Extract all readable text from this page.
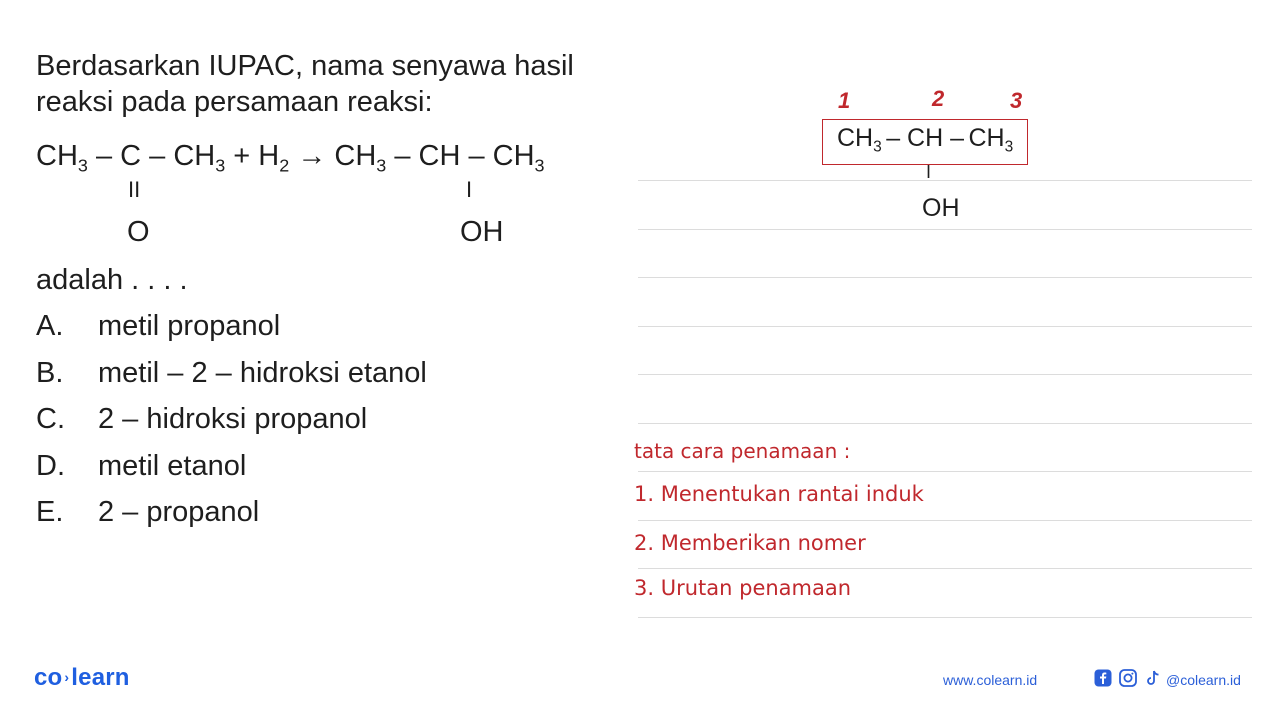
Berdasarkan IUPAC, nama senyawa hasil
reaksi pada persamaan reaksi:
$CH_3 - C - CH_3 + H_2 \to CH_3$ – CH – $CH_3$
II
O
I
OH
adalah . . . .
A. metil propanol
B. metil – 2 – hidroksi etanol
C. 2 – hidroksi propanol
D. metil etanol
E. 2 – propanol
1	2	3
$CH_3$ – CH – $CH_3$
I
OH
tata cara penamaan :
1. Menentukan rantai induk
2. Memberikan nomer
3. Urutan penamaan
co ›learn	www.colearn.id	@colearn.id
